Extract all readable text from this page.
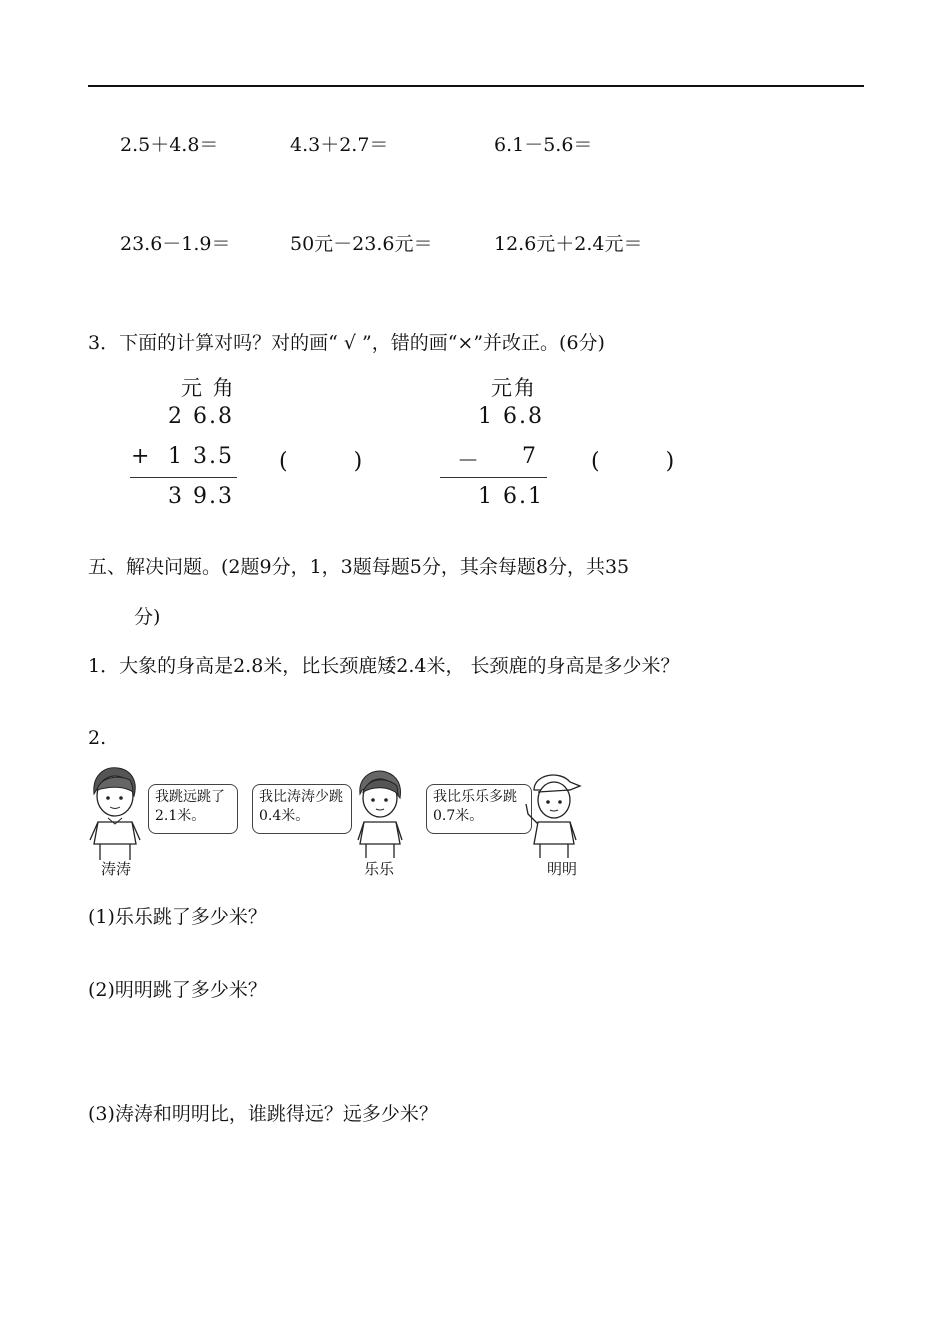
2.5＋4.8＝	4.3＋2.7＝	6.1－5.6＝
23.6－1.9＝	50元－23.6元＝	12.6元＋2.4元＝
3．下面的计算对吗？对的画“ √ ”，错的画“×”并改正。(6分)
元 角
2 6.8
+ 1 3.5
3 9.3
(　　　)
元角
1 6.8
－ 7
1 6.1
(　　　)
五、解决问题。(2题9分，1，3题每题5分，其余每题8分，共35
分)
1．大象的身高是2.8米，比长颈鹿矮2.4米， 长颈鹿的身高是多少米？
2.
我跳远跳了2.1米。
涛涛
我比涛涛少跳0.4米。
乐乐
我比乐乐多跳0.7米。
明明
(1)乐乐跳了多少米？
(2)明明跳了多少米？
(3)涛涛和明明比，谁跳得远？远多少米？
